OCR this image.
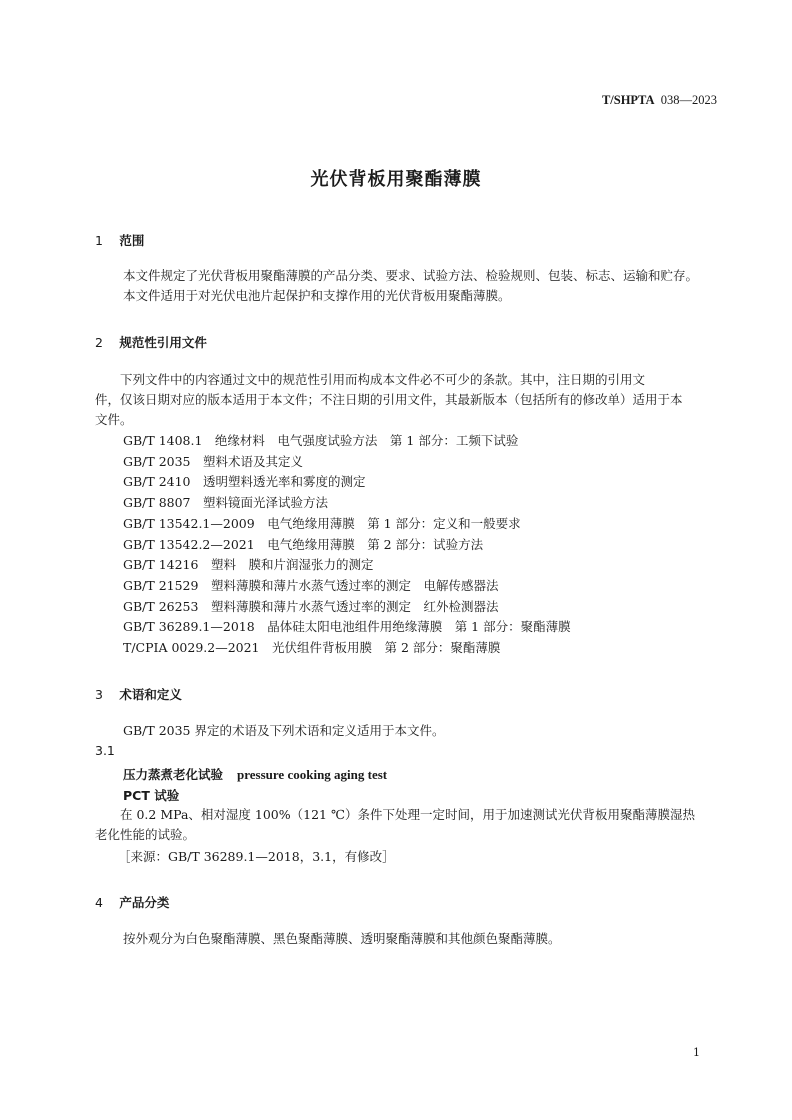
T/SHPTA 038—2023
光伏背板用聚酯薄膜
1 范围

本文件规定了光伏背板用聚酯薄膜的产品分类、要求、试验方法、检验规则、包装、标志、运输和贮存。

本文件适用于对光伏电池片起保护和支撑作用的光伏背板用聚酯薄膜。

2 规范性引用文件
下列文件中的内容通过文中的规范性引用而构成本文件必不可少的条款。其中，注日期的引用文
件，仅该日期对应的版本适用于本文件；不注日期的引用文件，其最新版本（包括所有的修改单）适用于本
文件。
GB/T 1408.1　绝缘材料　电气强度试验方法　第 1 部分：工频下试验
GB/T 2035　塑料术语及其定义
GB/T 2410　透明塑料透光率和雾度的测定
GB/T 8807　塑料镜面光泽试验方法
GB/T 13542.1—2009　电气绝缘用薄膜　第 1 部分：定义和一般要求
GB/T 13542.2—2021　电气绝缘用薄膜　第 2 部分：试验方法
GB/T 14216　塑料　膜和片润湿张力的测定
GB/T 21529　塑料薄膜和薄片水蒸气透过率的测定　电解传感器法
GB/T 26253　塑料薄膜和薄片水蒸气透过率的测定　红外检测器法
GB/T 36289.1—2018　晶体硅太阳电池组件用绝缘薄膜　第 1 部分：聚酯薄膜
T/CPIA 0029.2—2021　光伏组件背板用膜　第 2 部分：聚酯薄膜
3 术语和定义
GB/T 2035 界定的术语及下列术语和定义适用于本文件。
3.1
压力蒸煮老化试验 pressure cooking aging test
PCT 试验
在 0.2 MPa、相对湿度 100%（121 ℃）条件下处理一定时间，用于加速测试光伏背板用聚酯薄膜湿热
老化性能的试验。
［来源：GB/T 36289.1—2018，3.1，有修改］
4 产品分类
按外观分为白色聚酯薄膜、黑色聚酯薄膜、透明聚酯薄膜和其他颜色聚酯薄膜。
1
